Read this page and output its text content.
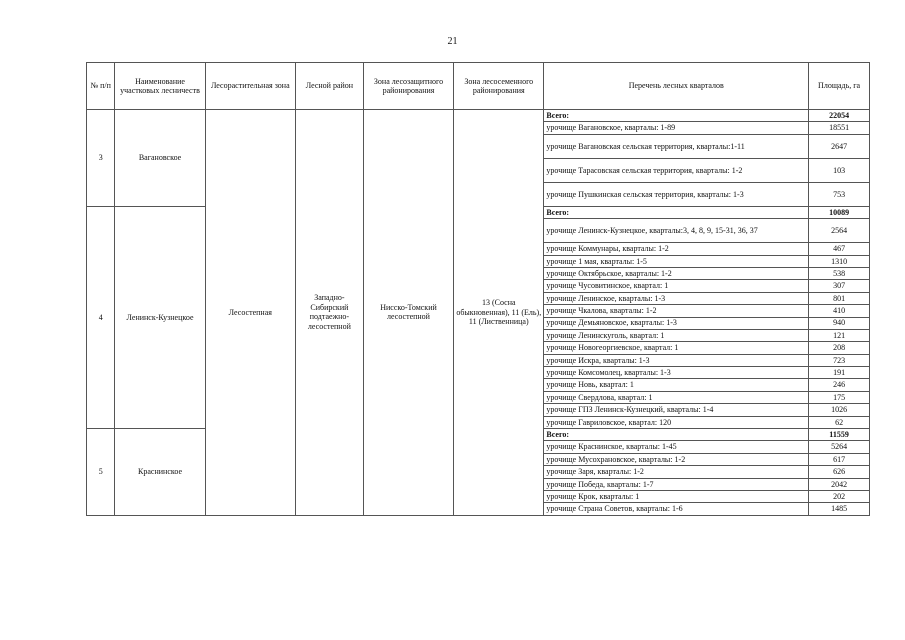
21
№ п/п	Наименование участковых лесничеств	Лесорастительная зона	Лесной район	Зона лесозащитного районирования	Зона лесосеменного районирования	Перечень лесных кварталов	Площадь, га
3	Вагановское	Лесостепная	Западно-Сибирский подтаежно-лесостепной	Нисско-Томский лесостепной	13 (Сосна обыкновенная), 11 (Ель), 11 (Лиственница)	Всего:	22054
						урочище Вагановское, кварталы: 1-89	18551
						урочище Вагановская сельская территория, кварталы:1-11	2647
						урочище Тарасовская сельская территория, кварталы: 1-2	103
						урочище Пушкинская сельская территория, кварталы: 1-3	753
4	Ленинск-Кузнецкое					Всего:	10089
						урочище Ленинск-Кузнецкое, кварталы:3, 4, 8, 9, 15-31, 36, 37	2564
						урочище Коммунары, кварталы: 1-2	467
						урочище 1 мая, кварталы: 1-5	1310
						урочище Октябрьское, кварталы: 1-2	538
						урочище Чусовитинское, квартал: 1	307
						урочище Ленинское, кварталы: 1-3	801
						урочище Чкалова, кварталы: 1-2	410
						урочище Демьяновское, кварталы: 1-3	940
						урочище Ленинскуголь, квартал: 1	121
						урочище Новогеоргиевское, квартал: 1	208
						урочище Искра, кварталы: 1-3	723
						урочище Комсомолец, кварталы: 1-3	191
						урочище Новь, квартал: 1	246
						урочище Свердлова, квартал: 1	175
						урочище ГПЗ Ленинск-Кузнецкий, кварталы: 1-4	1026
						урочище Гавриловское, квартал: 120	62
5	Краснинское					Всего:	11559
						урочище Краснинское, кварталы: 1-45	5264
						урочище Мусохрановское, кварталы: 1-2	617
						урочище Заря, кварталы: 1-2	626
						урочище Победа, кварталы: 1-7	2042
						урочище Крок, кварталы: 1	202
						урочище Страна Советов, кварталы: 1-6	1485
